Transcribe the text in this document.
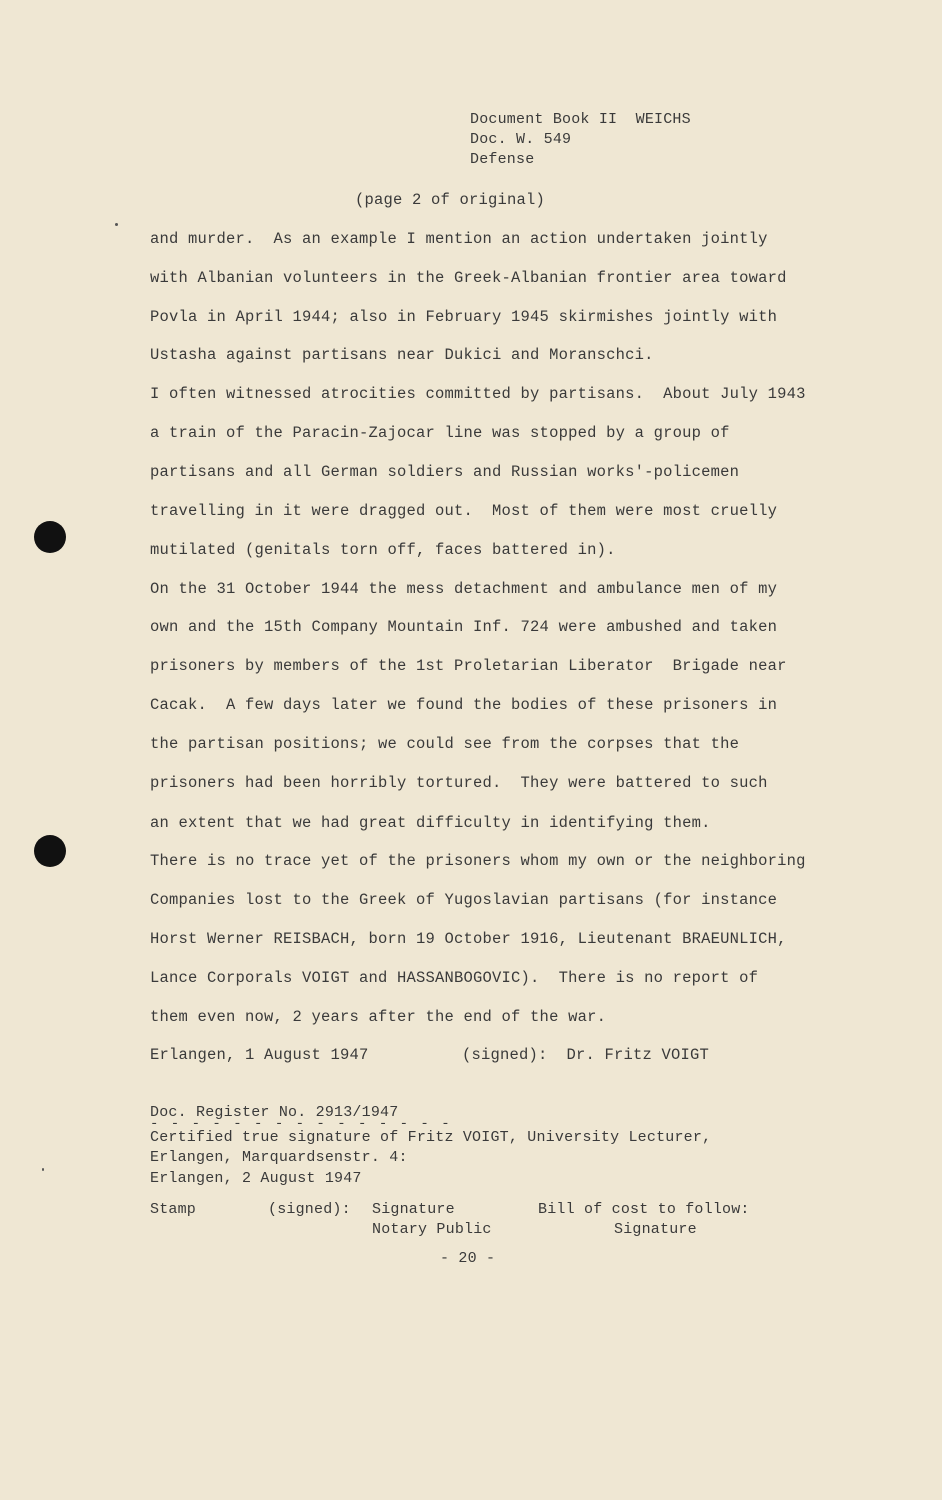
Document Book II  WEICHS
Doc. W. 549
Defense
(page 2 of original)
and murder.  As an example I mention an action undertaken jointly
with Albanian volunteers in the Greek-Albanian frontier area toward
Povla in April 1944; also in February 1945 skirmishes jointly with
Ustasha against partisans near Dukici and Moranschci.
I often witnessed atrocities committed by partisans.  About July 1943
a train of the Paracin-Zajocar line was stopped by a group of
partisans and all German soldiers and Russian works'-policemen
travelling in it were dragged out.  Most of them were most cruelly
mutilated (genitals torn off, faces battered in).
On the 31 October 1944 the mess detachment and ambulance men of my
own and the 15th Company Mountain Inf. 724 were ambushed and taken
prisoners by members of the 1st Proletarian Liberator  Brigade near
Cacak.  A few days later we found the bodies of these prisoners in
the partisan positions; we could see from the corpses that the
prisoners had been horribly tortured.  They were battered to such
an extent that we had great difficulty in identifying them.
There is no trace yet of the prisoners whom my own or the neighboring
Companies lost to the Greek of Yugoslavian partisans (for instance
Horst Werner REISBACH, born 19 October 1916, Lieutenant BRAEUNLICH,
Lance Corporals VOIGT and HASSANBOGOVIC).  There is no report of
them even now, 2 years after the end of the war.
Erlangen, 1 August 1947	(signed):  Dr. Fritz VOIGT
Doc. Register No. 2913/1947
- - - - - - - - - - - - - - -
Certified true signature of Fritz VOIGT, University Lecturer,
Erlangen, Marquardsenstr. 4:
Erlangen, 2 August 1947
Stamp	(signed): Signature
Notary Public
Bill of cost to follow:
Signature
- 20 -
